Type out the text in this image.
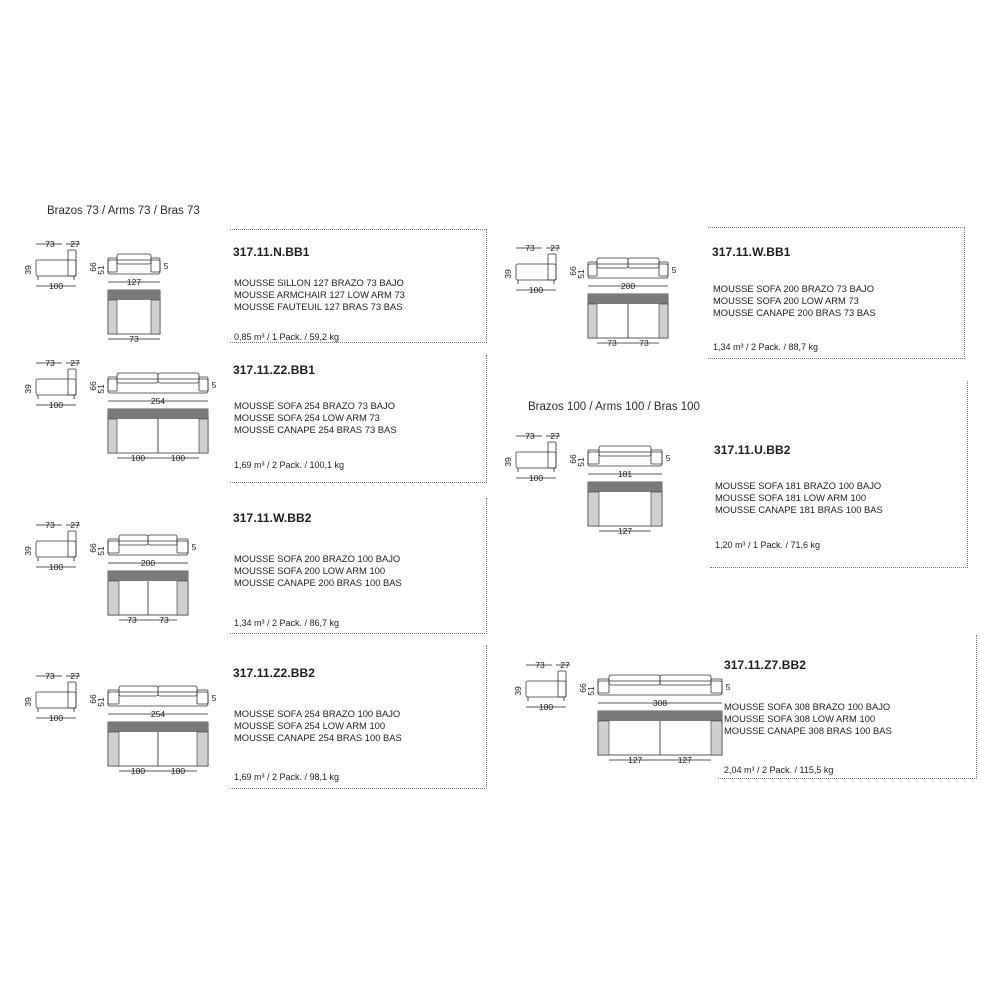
Brazos 73 / Arms 73 / Bras 73
Brazos 100 / Arms 100 / Bras 100
317.11.N.BB1
MOUSSE SILLON 127 BRAZO 73 BAJO
MOUSSE ARMCHAIR 127 LOW ARM 73
MOUSSE FAUTEUIL 127 BRAS 73 BAS
0,85 m³ / 1 Pack. / 59,2 kg
317.11.Z2.BB1
MOUSSE SOFA 254 BRAZO 73 BAJO
MOUSSE SOFA 254 LOW ARM 73
MOUSSE CANAPE 254 BRAS 73 BAS
1,69 m³ / 2 Pack. / 100,1 kg
317.11.W.BB2
MOUSSE SOFA 200 BRAZO 100 BAJO
MOUSSE SOFA 200 LOW ARM 100
MOUSSE CANAPE 200 BRAS 100 BAS
1,34 m³ / 2 Pack. / 86,7 kg
317.11.Z2.BB2
MOUSSE SOFA 254 BRAZO 100 BAJO
MOUSSE SOFA 254 LOW ARM 100
MOUSSE CANAPE 254 BRAS 100 BAS
1,69 m³ / 2 Pack. / 98,1 kg
317.11.W.BB1
MOUSSE SOFA 200 BRAZO 73 BAJO
MOUSSE SOFA 200 LOW ARM 73
MOUSSE CANAPE 200 BRAS 73 BAS
1,34 m³ / 2 Pack. / 88,7 kg
317.11.U.BB2
MOUSSE SOFA 181 BRAZO 100 BAJO
MOUSSE SOFA 181 LOW ARM 100
MOUSSE CANAPE 181 BRAS 100 BAS
1,20 m³ / 1 Pack. / 71,6 kg
317.11.Z7.BB2
MOUSSE SOFA 308 BRAZO 100 BAJO
MOUSSE SOFA 308 LOW ARM 100
MOUSSE CANAPE 308 BRAS 100 BAS
2,04 m³ / 2 Pack. / 115,5 kg
73 27
39
100
66
51	5
127
73
73 27
39
100
66
51	5
254
100	100
73 27
39
100
66
51	5
200
73	73
73 27
39
100
66
51	5
254
100	100
73 27
39
100
66
51	5
200
73	73
73 27
39
100
66
51	5
181
127
73 27
39
100
66
51	5
308
127	127
